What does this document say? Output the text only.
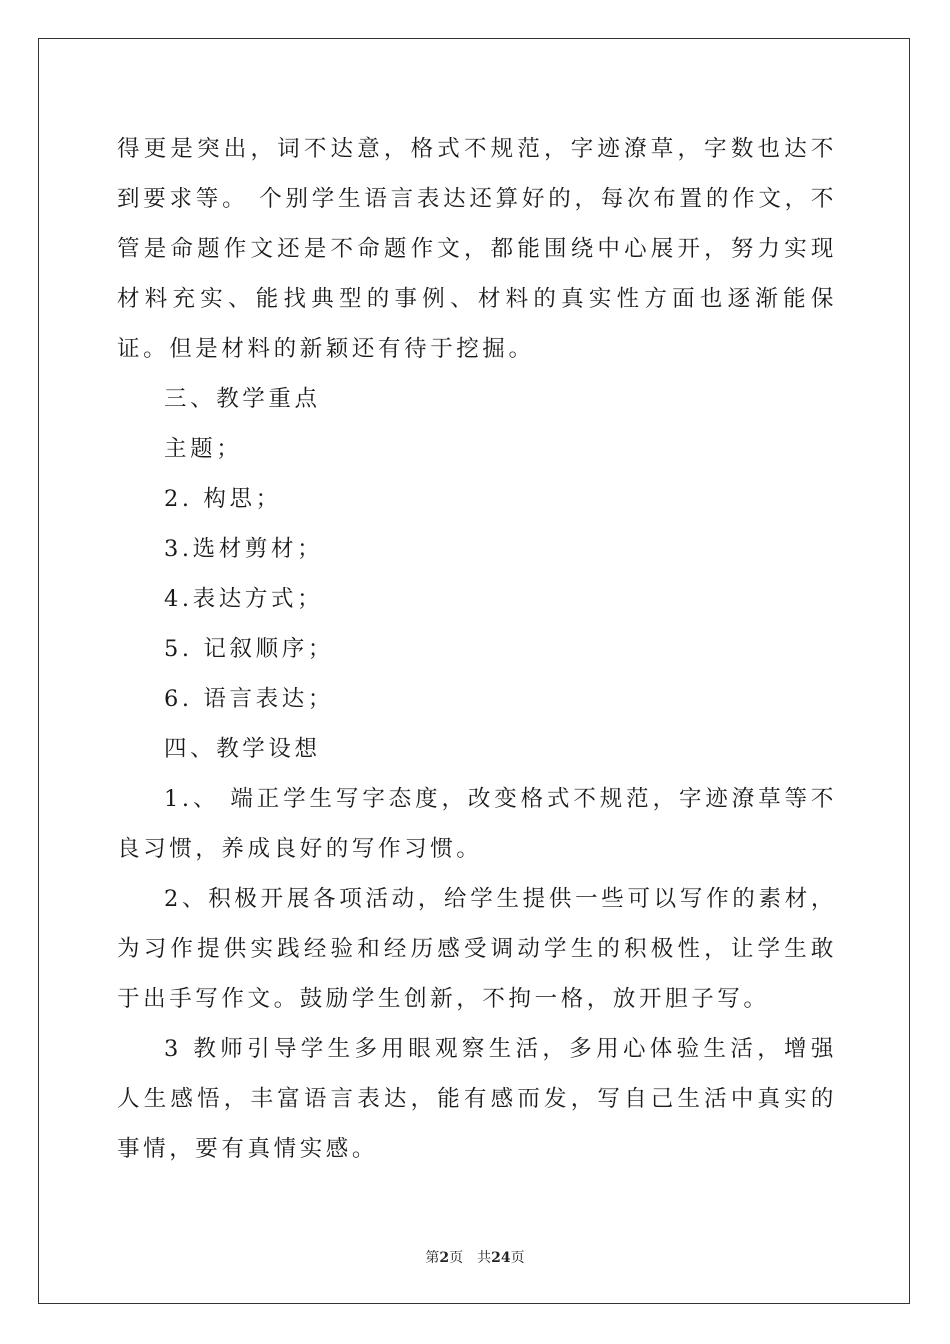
得更是突出，词不达意，格式不规范，字迹潦草，字数也达不到要求等。 个别学生语言表达还算好的，每次布置的作文，不管是命题作文还是不命题作文，都能围绕中心展开，努力实现材料充实、能找典型的事例、材料的真实性方面也逐渐能保证。但是材料的新颖还有待于挖掘。

三、教学重点

主题；

2. 构思；

3.选材剪材；

4.表达方式；

5. 记叙顺序；

6. 语言表达；

四、教学设想

1.、 端正学生写字态度，改变格式不规范，字迹潦草等不良习惯，养成良好的写作习惯。

2、积极开展各项活动，给学生提供一些可以写作的素材，为习作提供实践经验和经历感受调动学生的积极性，让学生敢于出手写作文。鼓励学生创新，不拘一格，放开胆子写。

3 教师引导学生多用眼观察生活，多用心体验生活，增强人生感悟，丰富语言表达，能有感而发，写自己生活中真实的事情，要有真情实感。

第2页　共24页
